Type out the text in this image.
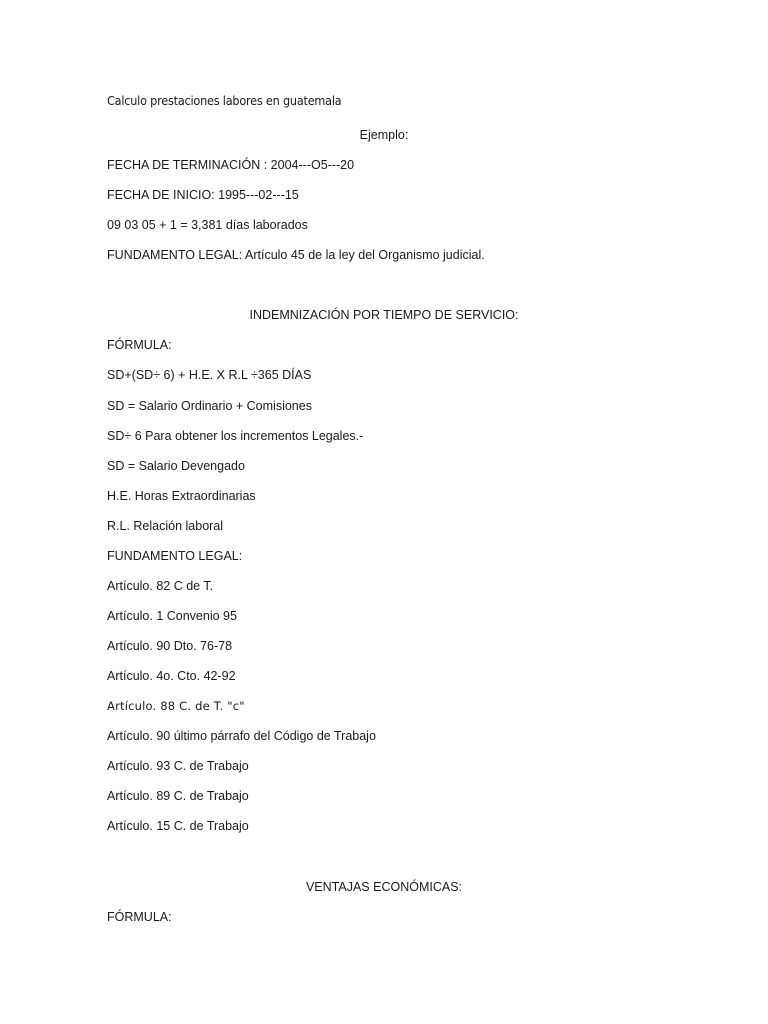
Calculo prestaciones labores en guatemala

Ejemplo:

FECHA DE TERMINACIÓN : 2004---O5---20

FECHA DE INICIO: 1995---02---15

09 03 05 + 1 = 3,381 días laborados

FUNDAMENTO LEGAL: Artículo 45 de la ley del Organismo judicial.

INDEMNIZACIÓN POR TIEMPO DE SERVICIO:

FÓRMULA:

SD+(SD÷ 6) + H.E. X R.L ÷365 DÍAS

SD = Salario Ordinario + Comisiones

SD÷ 6 Para obtener los incrementos Legales.-

SD = Salario Devengado

H.E. Horas Extraordinarias

R.L. Relación laboral

FUNDAMENTO LEGAL:

Artículo. 82 C de T.

Artículo. 1 Convenio 95

Artículo. 90 Dto. 76-78

Artículo. 4o. Cto. 42-92

Artículo. 88 C. de T. "c"

Artículo. 90 último párrafo del Código de Trabajo

Artículo. 93 C. de Trabajo

Artículo. 89 C. de Trabajo

Artículo. 15 C. de Trabajo

VENTAJAS ECONÓMICAS:

FÓRMULA:
